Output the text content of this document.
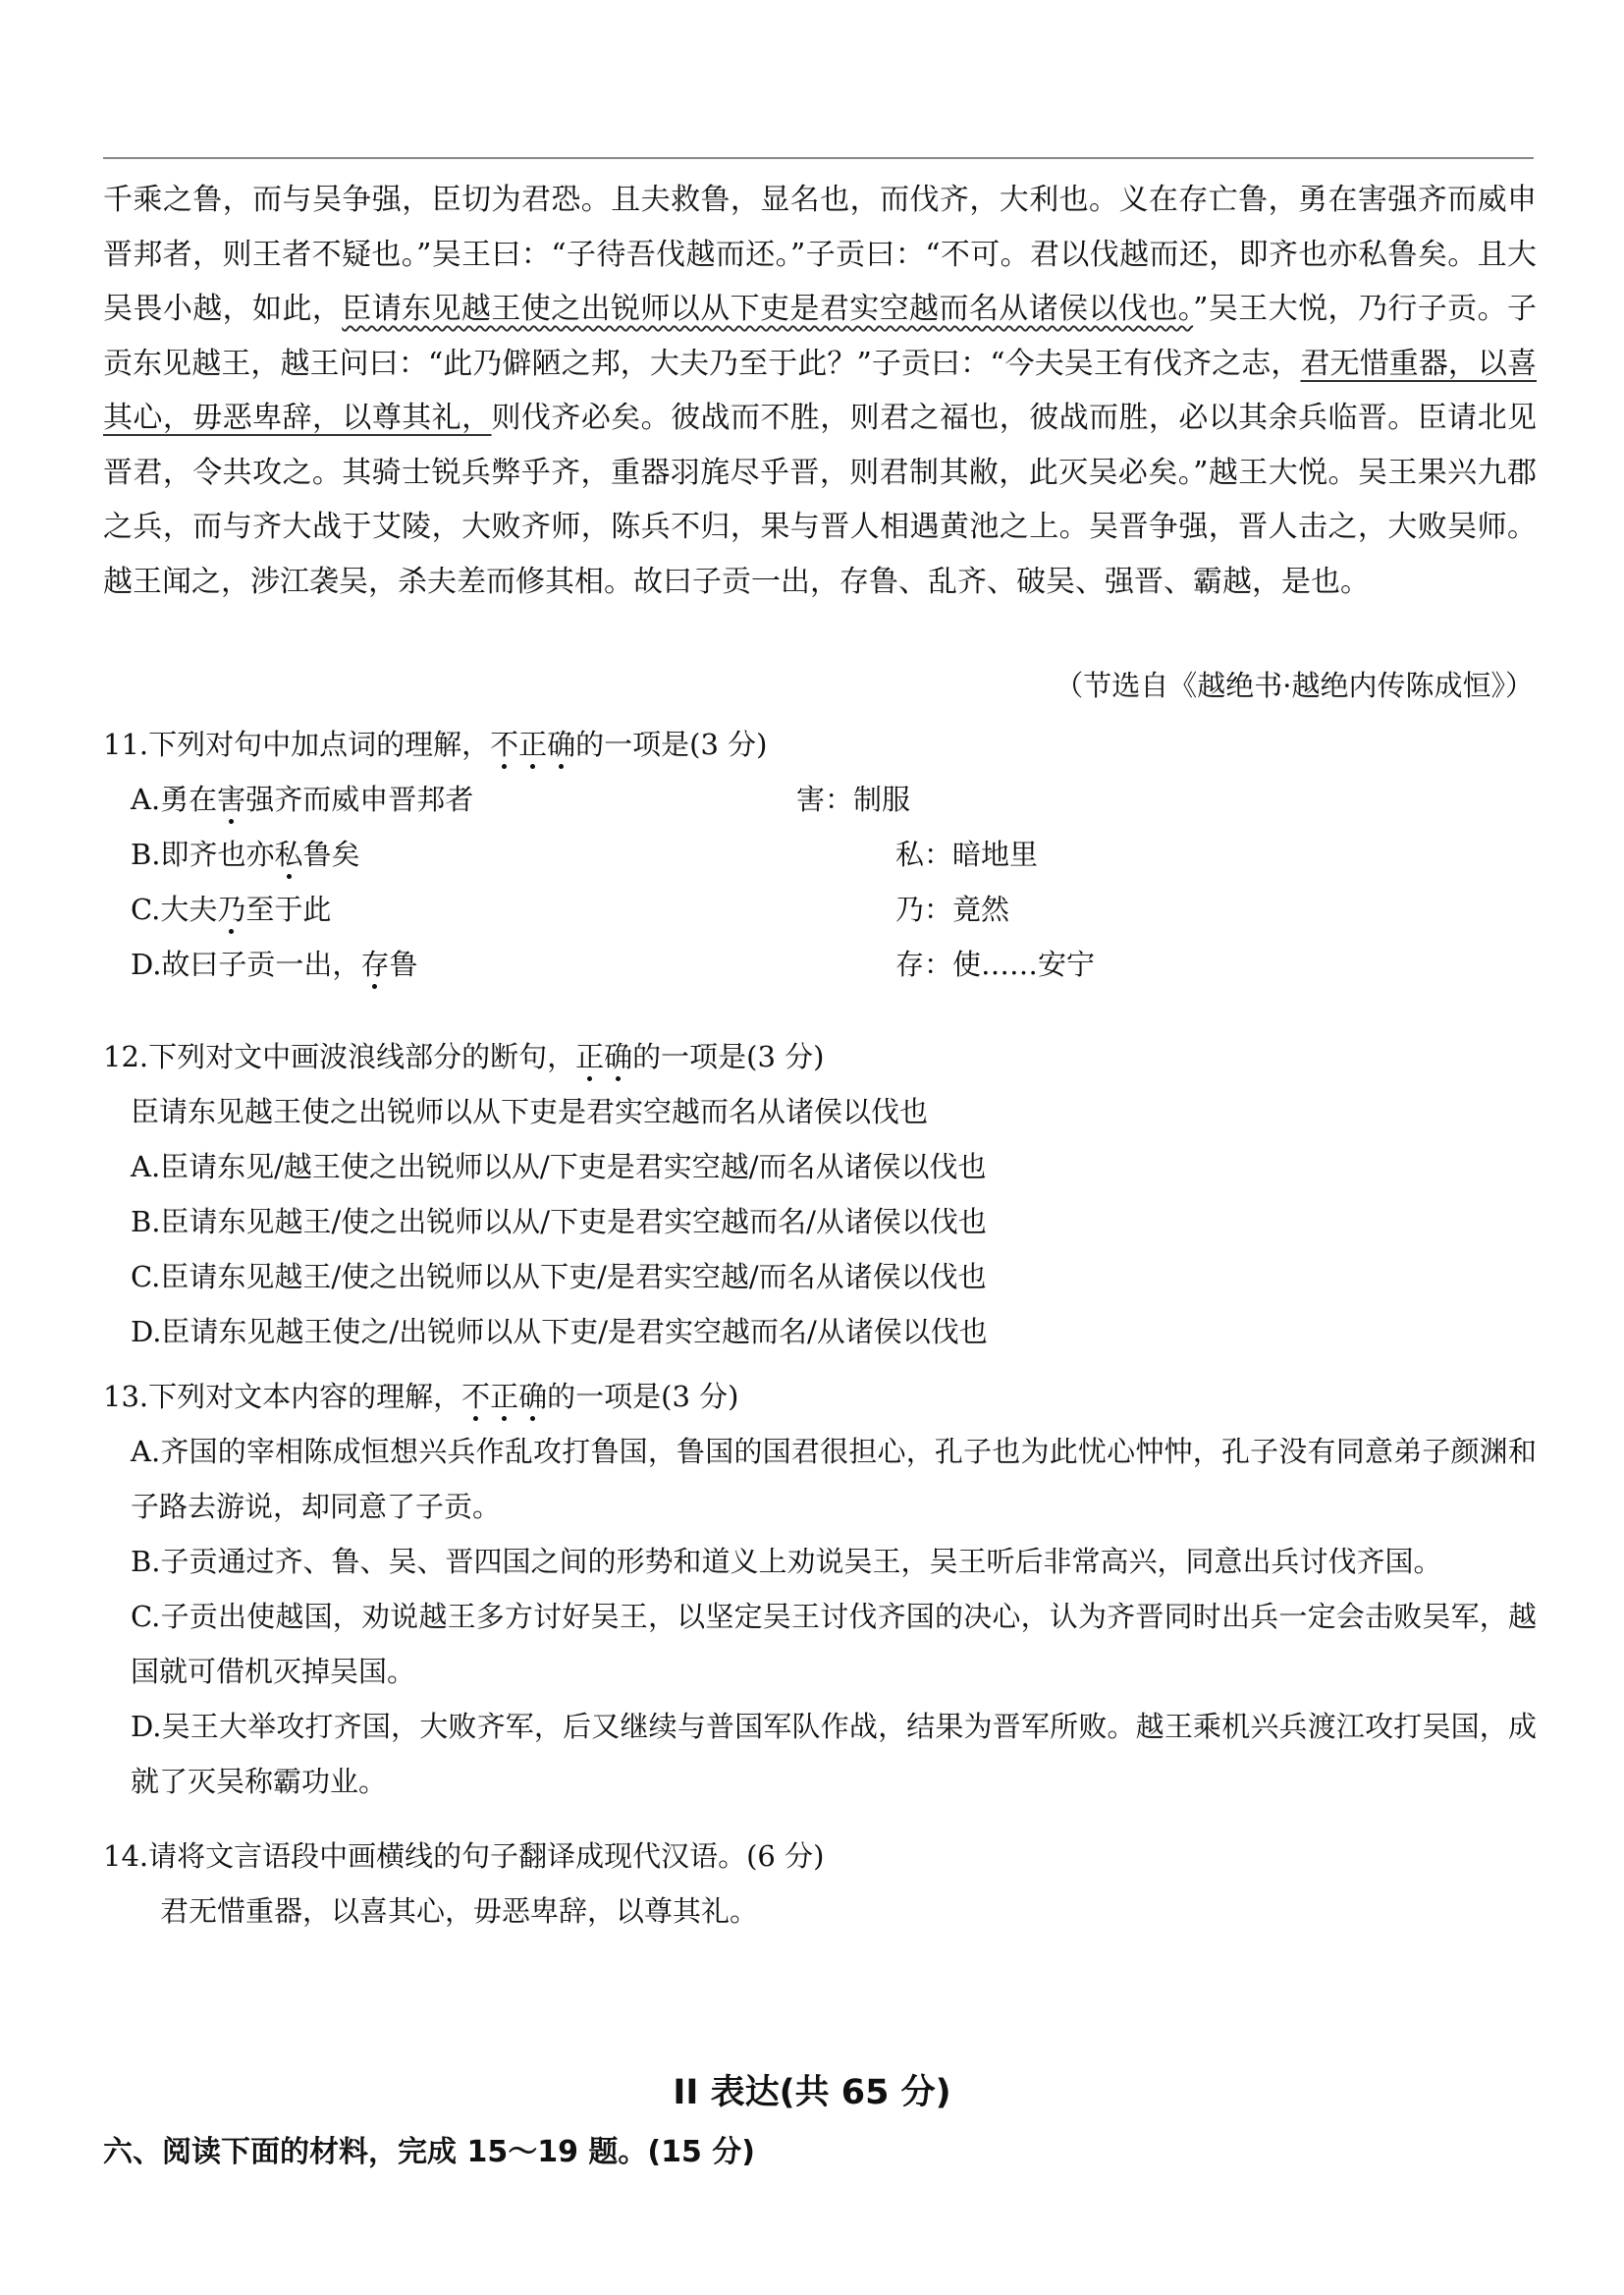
千乘之鲁，而与吴争强，臣切为君恐。且夫救鲁，显名也，而伐齐，大利也。义在存亡鲁，勇在害强齐而威申晋邦者，则王者不疑也。”吴王曰：“子待吾伐越而还。”子贡曰：“不可。君以伐越而还，即齐也亦私鲁矣。且大吴畏小越，如此，臣请东见越王使之出锐师以从下吏是君实空越而名从诸侯以伐也。”吴王大悦，乃行子贡。子贡东见越王，越王问曰：“此乃僻陋之邦，大夫乃至于此？”子贡曰：“今夫吴王有伐齐之志，君无惜重器，以喜其心，毋恶卑辞，以尊其礼，则伐齐必矣。彼战而不胜，则君之福也，彼战而胜，必以其余兵临晋。臣请北见晋君，令共攻之。其骑士锐兵弊乎齐，重器羽旄尽乎晋，则君制其敝，此灭吴必矣。”越王大悦。吴王果兴九郡之兵，而与齐大战于艾陵，大败齐师，陈兵不归，果与晋人相遇黄池之上。吴晋争强，晋人击之，大败吴师。越王闻之，涉江袭吴，杀夫差而修其相。故曰子贡一出，存鲁、乱齐、破吴、强晋、霸越，是也。

（节选自《越绝书·越绝内传陈成恒》）
11.下列对句中加点词的理解，不正确的一项是(3 分)
A.勇在害强齐而威申晋邦者	害：制服
B.即齐也亦私鲁矣	私：暗地里
C.大夫乃至于此	乃：竟然
D.故曰子贡一出，存鲁	存：使……安宁
12.下列对文中画波浪线部分的断句，正确的一项是(3 分)
臣请东见越王使之出锐师以从下吏是君实空越而名从诸侯以伐也
A.臣请东见/越王使之出锐师以从/下吏是君实空越/而名从诸侯以伐也
B.臣请东见越王/使之出锐师以从/下吏是君实空越而名/从诸侯以伐也
C.臣请东见越王/使之出锐师以从下吏/是君实空越/而名从诸侯以伐也
D.臣请东见越王使之/出锐师以从下吏/是君实空越而名/从诸侯以伐也
13.下列对文本内容的理解，不正确的一项是(3 分)
A.齐国的宰相陈成恒想兴兵作乱攻打鲁国，鲁国的国君很担心，孔子也为此忧心忡忡，孔子没有同意弟子颜渊和子路去游说，却同意了子贡。
B.子贡通过齐、鲁、吴、晋四国之间的形势和道义上劝说吴王，吴王听后非常高兴，同意出兵讨伐齐国。
C.子贡出使越国，劝说越王多方讨好吴王，以坚定吴王讨伐齐国的决心，认为齐晋同时出兵一定会击败吴军，越国就可借机灭掉吴国。
D.吴王大举攻打齐国，大败齐军，后又继续与普国军队作战，结果为晋军所败。越王乘机兴兵渡江攻打吴国，成就了灭吴称霸功业。
14.请将文言语段中画横线的句子翻译成现代汉语。(6 分)
君无惜重器，以喜其心，毋恶卑辞，以尊其礼。
II 表达(共 65 分)
六、阅读下面的材料，完成 15～19 题。(15 分)
